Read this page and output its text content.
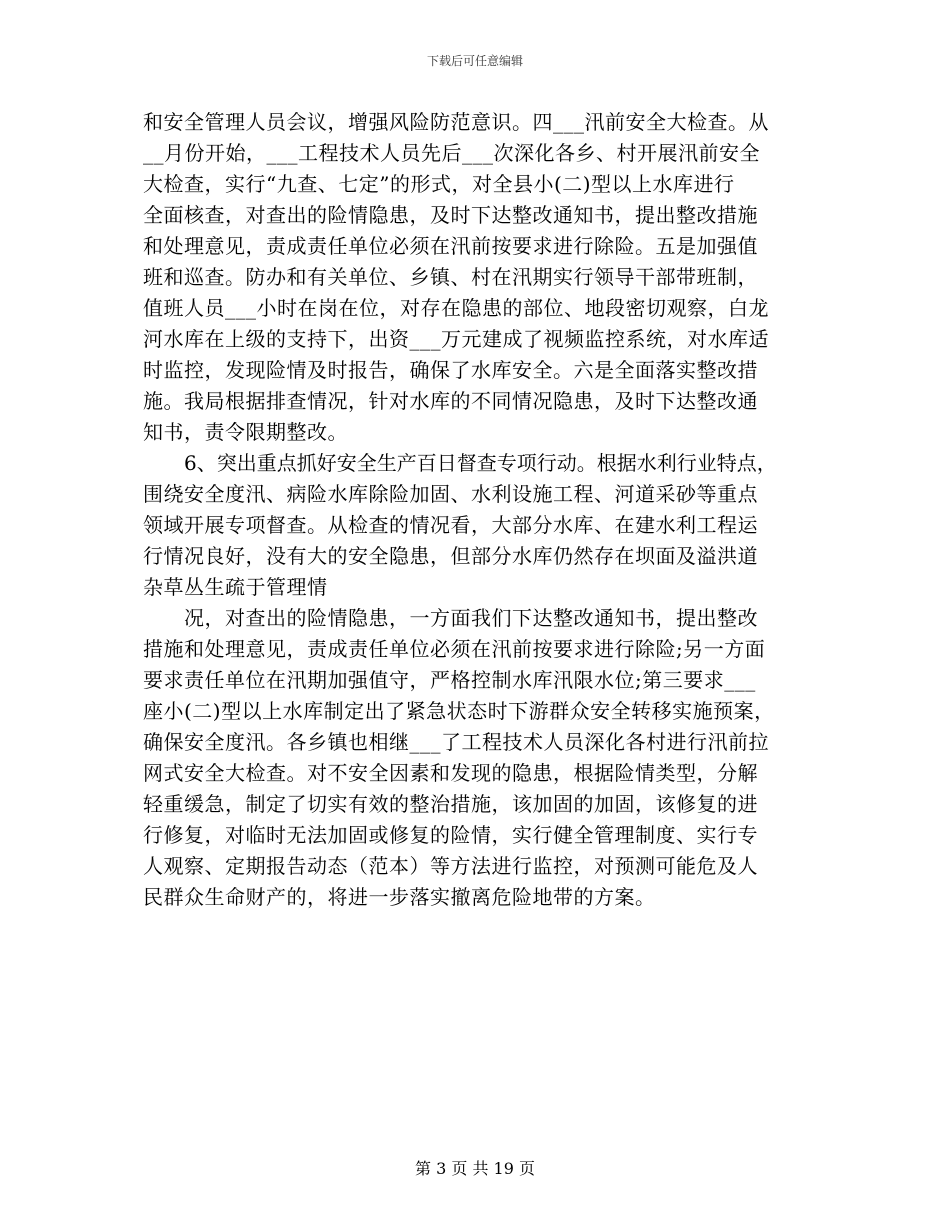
下载后可任意编辑
和安全管理人员会议，增强风险防范意识。四___汛前安全大检查。从
__月份开始，___工程技术人员先后___次深化各乡、村开展汛前安全
大检查，实行“九查、七定”的形式，对全县小(二)型以上水库进行
全面核查，对查出的险情隐患，及时下达整改通知书，提出整改措施
和处理意见，责成责任单位必须在汛前按要求进行除险。五是加强值
班和巡查。防办和有关单位、乡镇、村在汛期实行领导干部带班制，
值班人员___小时在岗在位，对存在隐患的部位、地段密切观察，白龙
河水库在上级的支持下，出资___万元建成了视频监控系统，对水库适
时监控，发现险情及时报告，确保了水库安全。六是全面落实整改措
施。我局根据排查情况，针对水库的不同情况隐患，及时下达整改通
知书，责令限期整改。
6、突出重点抓好安全生产百日督查专项行动。根据水利行业特点，
围绕安全度汛、病险水库除险加固、水利设施工程、河道采砂等重点
领域开展专项督查。从检查的情况看，大部分水库、在建水利工程运
行情况良好，没有大的安全隐患，但部分水库仍然存在坝面及溢洪道
杂草丛生疏于管理情
况，对查出的险情隐患，一方面我们下达整改通知书，提出整改
措施和处理意见，责成责任单位必须在汛前按要求进行除险;另一方面
要求责任单位在汛期加强值守，严格控制水库汛限水位;第三要求___
座小(二)型以上水库制定出了紧急状态时下游群众安全转移实施预案，
确保安全度汛。各乡镇也相继___了工程技术人员深化各村进行汛前拉
网式安全大检查。对不安全因素和发现的隐患，根据险情类型，分解
轻重缓急，制定了切实有效的整治措施，该加固的加固，该修复的进
行修复，对临时无法加固或修复的险情，实行健全管理制度、实行专
人观察、定期报告动态（范本）等方法进行监控，对预测可能危及人
民群众生命财产的，将进一步落实撤离危险地带的方案。
第 3 页 共 19 页
